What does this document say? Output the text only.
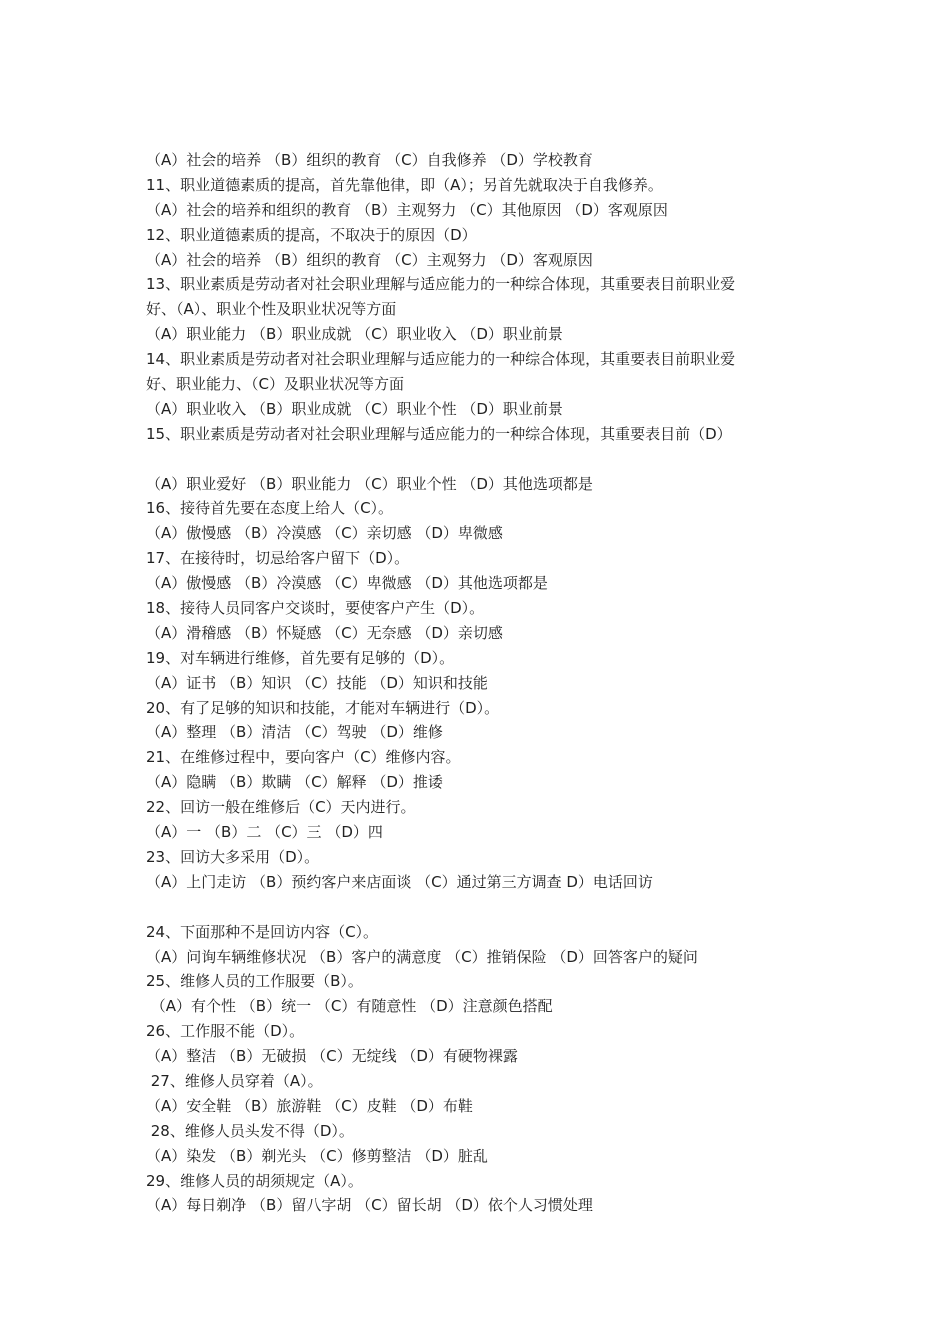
（A）社会的培养 （B）组织的教育 （C）自我修养 （D）学校教育
11、职业道德素质的提高，首先靠他律，即（A）；另首先就取决于自我修养。
（A）社会的培养和组织的教育 （B）主观努力 （C）其他原因 （D）客观原因
12、职业道德素质的提高，不取决于的原因（D）
（A）社会的培养 （B）组织的教育 （C）主观努力 （D）客观原因
13、职业素质是劳动者对社会职业理解与适应能力的一种综合体现，其重要表目前职业爱
好、（A）、职业个性及职业状况等方面
（A）职业能力 （B）职业成就 （C）职业收入 （D）职业前景
14、职业素质是劳动者对社会职业理解与适应能力的一种综合体现，其重要表目前职业爱
好、职业能力、（C）及职业状况等方面
（A）职业收入 （B）职业成就 （C）职业个性 （D）职业前景
15、职业素质是劳动者对社会职业理解与适应能力的一种综合体现，其重要表目前（D）
（A）职业爱好 （B）职业能力 （C）职业个性 （D）其他选项都是
16、接待首先要在态度上给人（C）。
（A）傲慢感 （B）冷漠感 （C）亲切感 （D）卑微感
17、在接待时，切忌给客户留下（D）。
（A）傲慢感 （B）冷漠感 （C）卑微感 （D）其他选项都是
18、接待人员同客户交谈时，要使客户产生（D）。
（A）滑稽感 （B）怀疑感 （C）无奈感 （D）亲切感
19、对车辆进行维修，首先要有足够的（D）。
（A）证书 （B）知识 （C）技能 （D）知识和技能
20、有了足够的知识和技能，才能对车辆进行（D）。
（A）整理 （B）清洁 （C）驾驶 （D）维修
21、在维修过程中，要向客户（C）维修内容。
（A）隐瞒 （B）欺瞒 （C）解释 （D）推诿
22、回访一般在维修后（C）天内进行。
（A）一 （B）二 （C）三 （D）四
23、回访大多采用（D）。
（A）上门走访 （B）预约客户来店面谈 （C）通过第三方调查 D）电话回访
24、下面那种不是回访内容（C）。
（A）问询车辆维修状况 （B）客户的满意度 （C）推销保险 （D）回答客户的疑问
25、维修人员的工作服要（B）。
（A）有个性 （B）统一 （C）有随意性 （D）注意颜色搭配
26、工作服不能（D）。
（A）整洁 （B）无破损 （C）无绽线 （D）有硬物裸露
27、维修人员穿着（A）。
（A）安全鞋 （B）旅游鞋 （C）皮鞋 （D）布鞋
28、维修人员头发不得（D）。
（A）染发 （B）剃光头 （C）修剪整洁 （D）脏乱
29、维修人员的胡须规定（A）。
（A）每日剃净 （B）留八字胡 （C）留长胡 （D）依个人习惯处理
